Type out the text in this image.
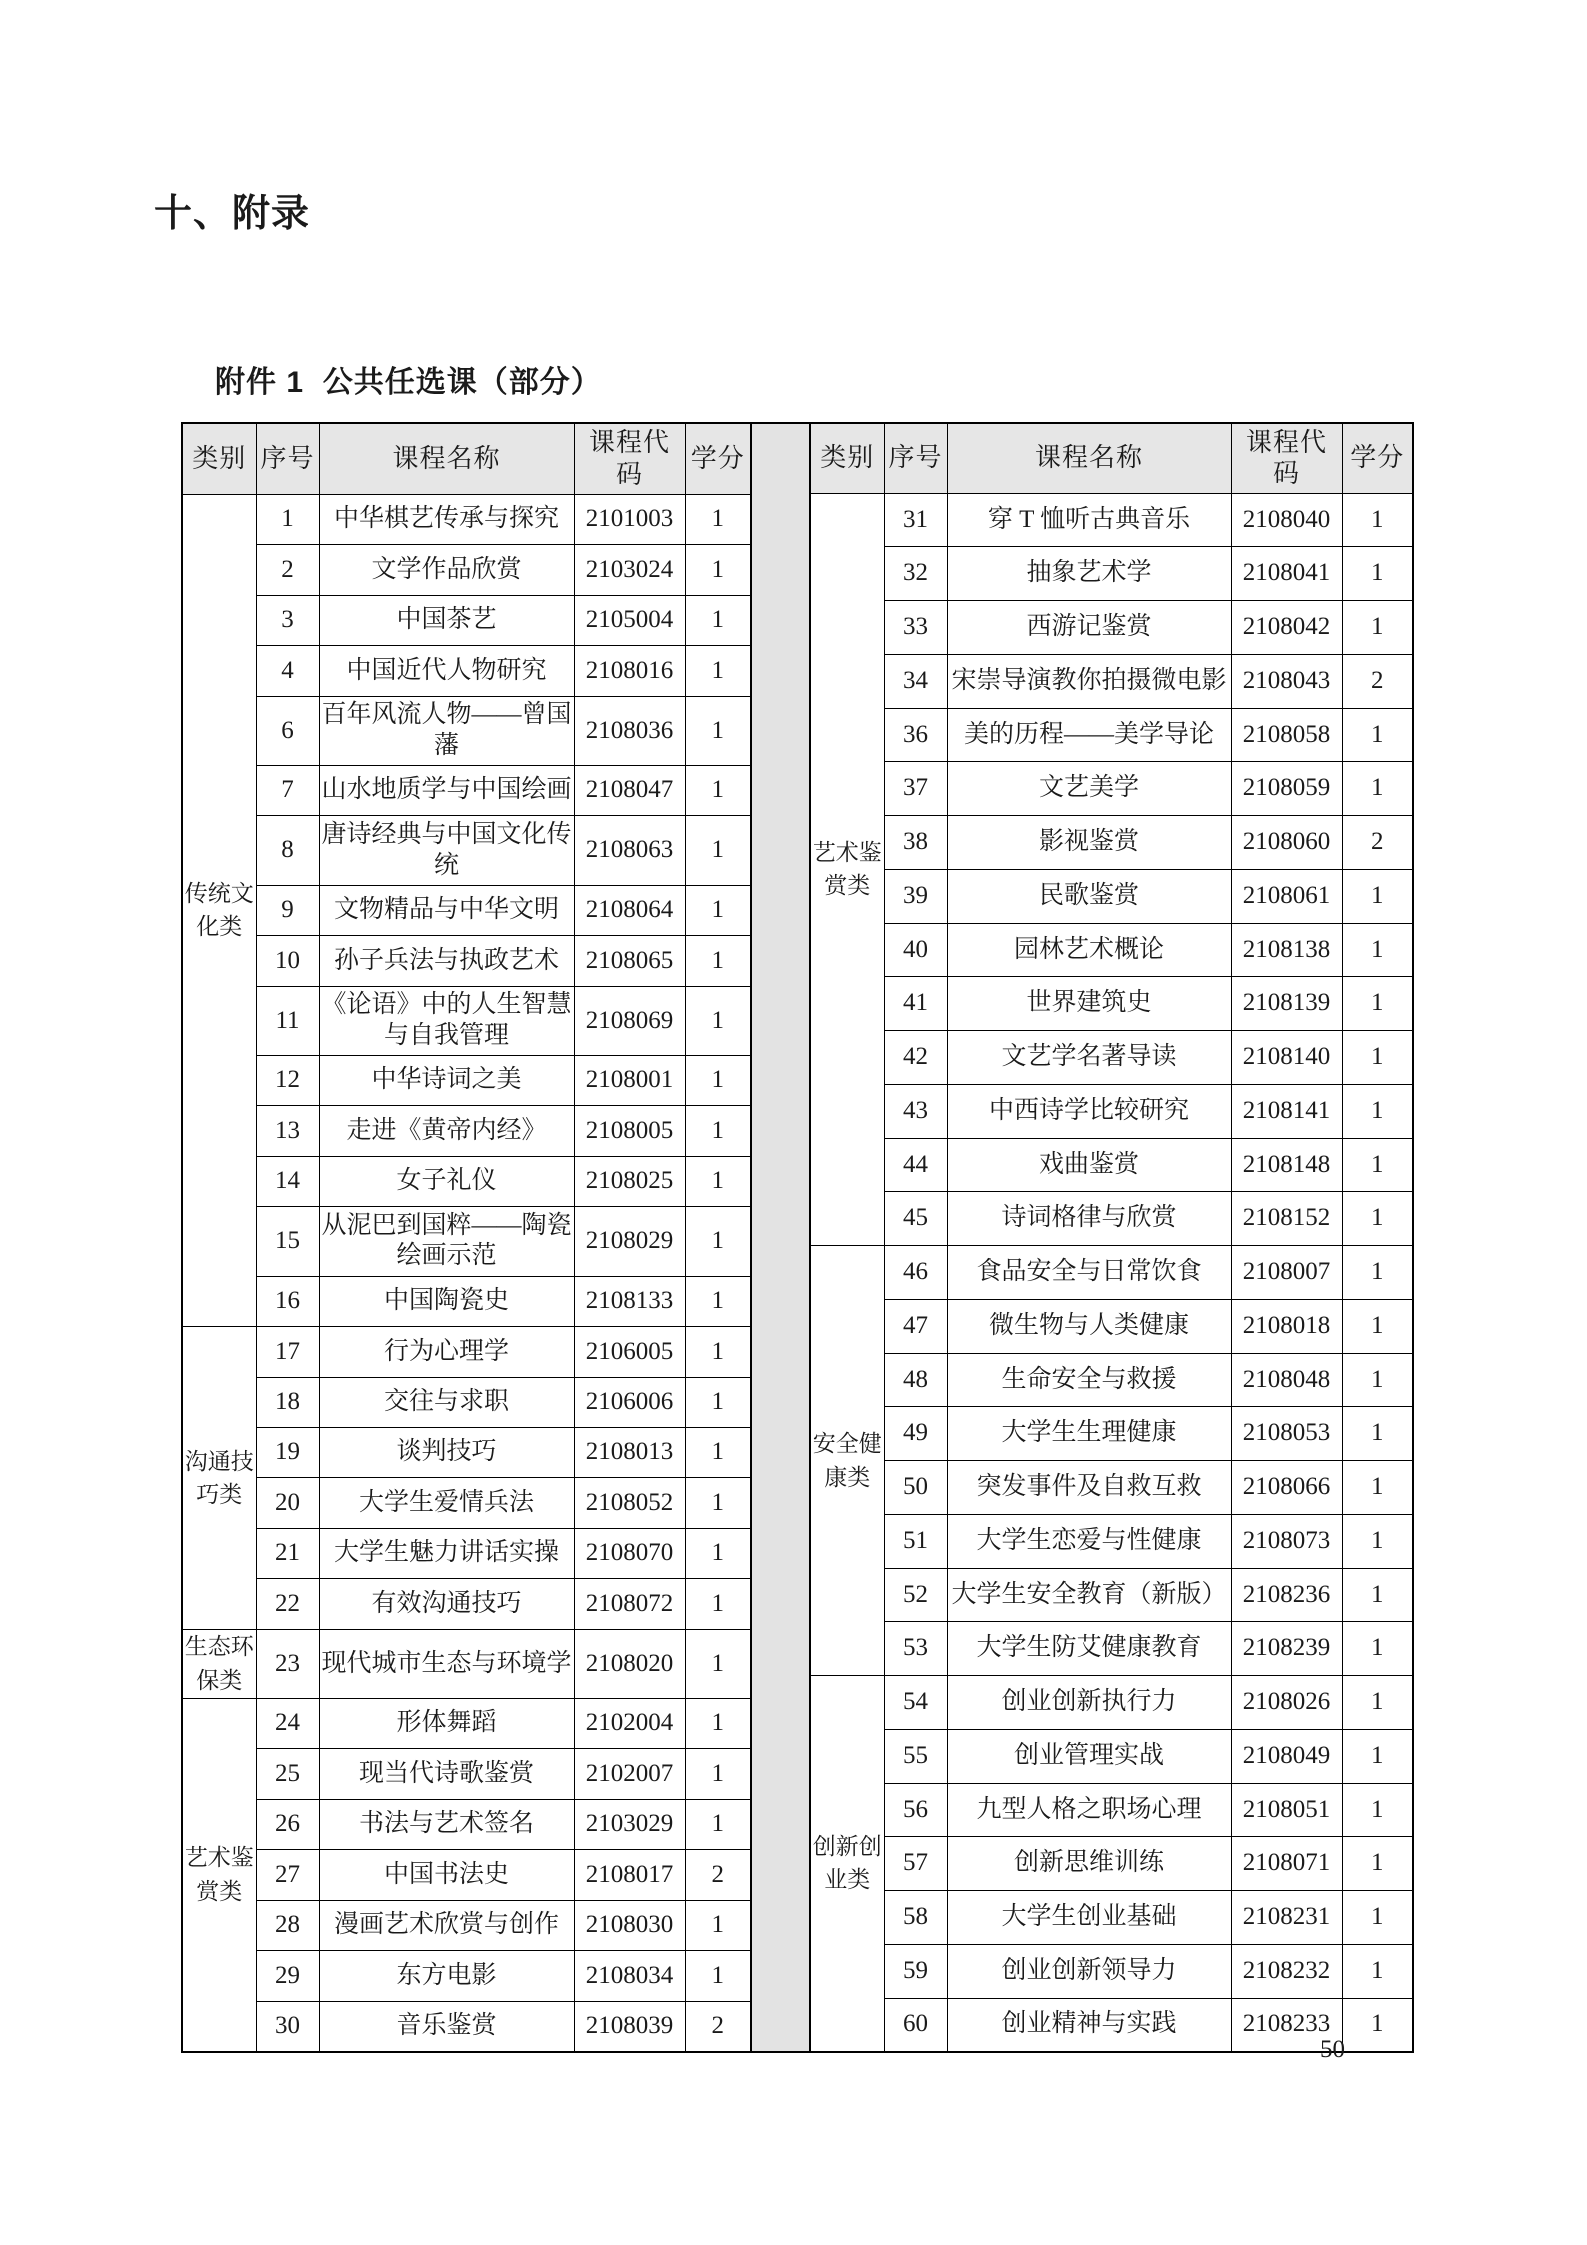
十、附录
附件 1  公共任选课（部分）
类别	序号	课程名称	课程代码	学分
传统文化类	1	中华棋艺传承与探究	2101003	1
	2	文学作品欣赏	2103024	1
	3	中国茶艺	2105004	1
	4	中国近代人物研究	2108016	1
	6	百年风流人物——曾国藩	2108036	1
	7	山水地质学与中国绘画	2108047	1
	8	唐诗经典与中国文化传统	2108063	1
	9	文物精品与中华文明	2108064	1
	10	孙子兵法与执政艺术	2108065	1
	11	《论语》中的人生智慧与自我管理	2108069	1
	12	中华诗词之美	2108001	1
	13	走进《黄帝内经》	2108005	1
	14	女子礼仪	2108025	1
	15	从泥巴到国粹——陶瓷绘画示范	2108029	1
	16	中国陶瓷史	2108133	1
沟通技巧类	17	行为心理学	2106005	1
	18	交往与求职	2106006	1
	19	谈判技巧	2108013	1
	20	大学生爱情兵法	2108052	1
	21	大学生魅力讲话实操	2108070	1
	22	有效沟通技巧	2108072	1
生态环保类	23	现代城市生态与环境学	2108020	1
艺术鉴赏类	24	形体舞蹈	2102004	1
	25	现当代诗歌鉴赏	2102007	1
	26	书法与艺术签名	2103029	1
	27	中国书法史	2108017	2
	28	漫画艺术欣赏与创作	2108030	1
	29	东方电影	2108034	1
	30	音乐鉴赏	2108039	2
类别	序号	课程名称	课程代码	学分
艺术鉴赏类	31	穿 T 恤听古典音乐	2108040	1
	32	抽象艺术学	2108041	1
	33	西游记鉴赏	2108042	1
	34	宋崇导演教你拍摄微电影	2108043	2
	36	美的历程——美学导论	2108058	1
	37	文艺美学	2108059	1
	38	影视鉴赏	2108060	2
	39	民歌鉴赏	2108061	1
	40	园林艺术概论	2108138	1
	41	世界建筑史	2108139	1
	42	文艺学名著导读	2108140	1
	43	中西诗学比较研究	2108141	1
	44	戏曲鉴赏	2108148	1
	45	诗词格律与欣赏	2108152	1
安全健康类	46	食品安全与日常饮食	2108007	1
	47	微生物与人类健康	2108018	1
	48	生命安全与救援	2108048	1
	49	大学生生理健康	2108053	1
	50	突发事件及自救互救	2108066	1
	51	大学生恋爱与性健康	2108073	1
	52	大学生安全教育（新版）	2108236	1
	53	大学生防艾健康教育	2108239	1
创新创业类	54	创业创新执行力	2108026	1
	55	创业管理实战	2108049	1
	56	九型人格之职场心理	2108051	1
	57	创新思维训练	2108071	1
	58	大学生创业基础	2108231	1
	59	创业创新领导力	2108232	1
	60	创业精神与实践	2108233	1
50
